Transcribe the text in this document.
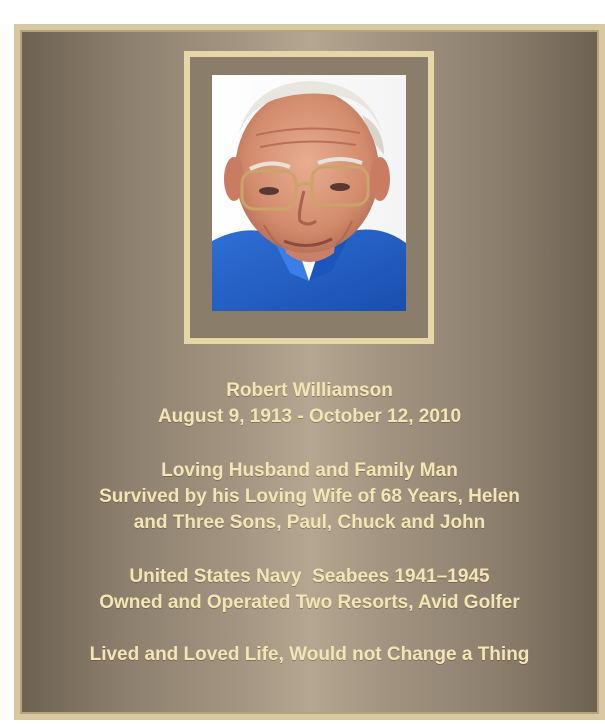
Robert Williamson
August 9, 1913 - October 12, 2010
Loving Husband and Family Man
Survived by his Loving Wife of 68 Years, Helen
and Three Sons, Paul, Chuck and John
United States Navy  Seabees 1941–1945
Owned and Operated Two Resorts, Avid Golfer
Lived and Loved Life, Would not Change a Thing
